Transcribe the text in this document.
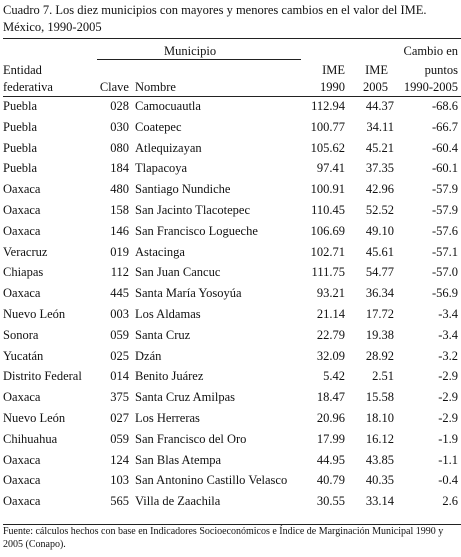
Cuadro 7. Los diez municipios con mayores y menores cambios en el valor del IME.
México, 1990-2005
Municipio	Cambio en
Entidad	IME	IME	puntos
federativa	Clave Nombre	1990	2005	1990-2005
Puebla	028 Camocuautla	112.94	44.37	-68.6
Puebla	030 Coatepec	100.77	34.11	-66.7
Puebla	080 Atlequizayan	105.62	45.21	-60.4
Puebla	184 Tlapacoya	97.41	37.35	-60.1
Oaxaca	480 Santiago Nundiche	100.91	42.96	-57.9
Oaxaca	158 San Jacinto Tlacotepec	110.45	52.52	-57.9
Oaxaca	146 San Francisco Logueche	106.69	49.10	-57.6
Veracruz	019 Astacinga	102.71	45.61	-57.1
Chiapas	112 San Juan Cancuc	111.75	54.77	-57.0
Oaxaca	445 Santa María Yosoyúa	93.21	36.34	-56.9
Nuevo León	003 Los Aldamas	21.14	17.72	-3.4
Sonora	059 Santa Cruz	22.79	19.38	-3.4
Yucatán	025 Dzán	32.09	28.92	-3.2
Distrito Federal	014 Benito Juárez	5.42	2.51	-2.9
Oaxaca	375 Santa Cruz Amilpas	18.47	15.58	-2.9
Nuevo León	027 Los Herreras	20.96	18.10	-2.9
Chihuahua	059 San Francisco del Oro	17.99	16.12	-1.9
Oaxaca	124 San Blas Atempa	44.95	43.85	-1.1
Oaxaca	103 San Antonino Castillo Velasco	40.79	40.35	-0.4
Oaxaca	565 Villa de Zaachila	30.55	33.14	2.6
Fuente: cálculos hechos con base en Indicadores Socioeconómicos e Índice de Marginación Municipal 1990 y 2005 (Conapo).
